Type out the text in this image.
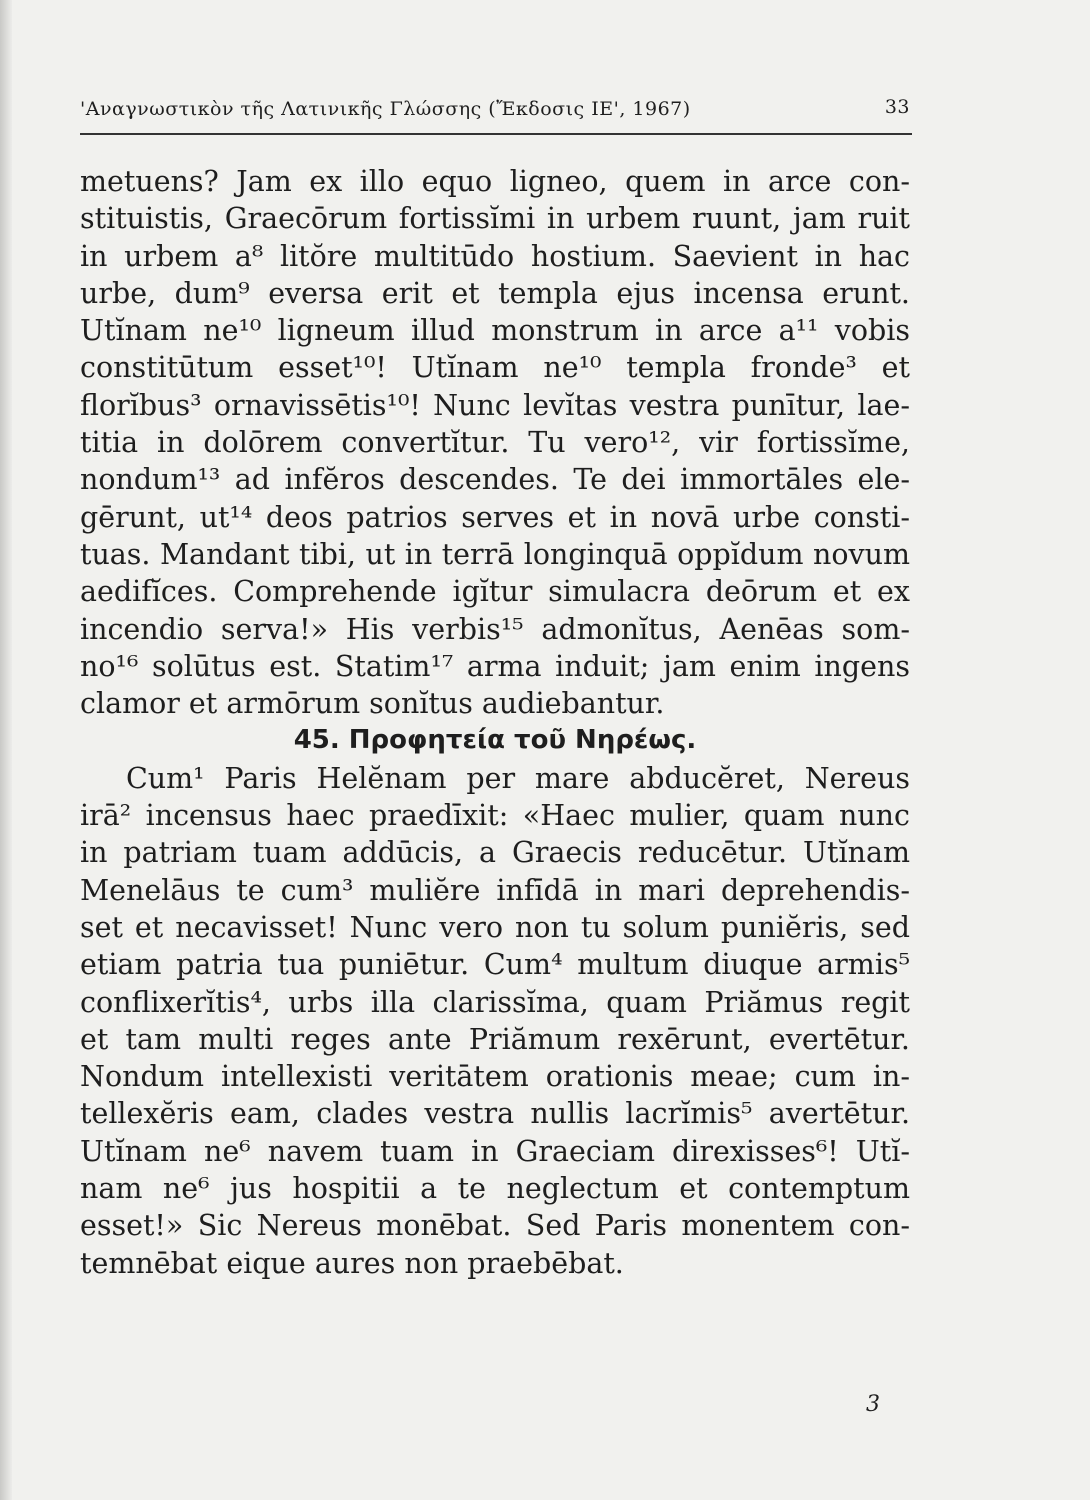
'Αναγνωστικὸν τῆς Λατινικῆς Γλώσσης (Ἔκδοσις ΙΕ', 1967)	33
metuens? Jam ex illo equo ligneo, quem in arce con-
stituistis, Graecōrum fortissĭmi in urbem ruunt, jam ruit
in urbem a⁸ litŏre multitūdo hostium. Saevient in hac
urbe, dum⁹ eversa erit et templa ejus incensa erunt.
Utĭnam ne¹⁰ ligneum illud monstrum in arce a¹¹ vobis
constitūtum esset¹⁰! Utĭnam ne¹⁰ templa fronde³ et
florĭbus³ ornavissētis¹⁰! Nunc levĭtas vestra punītur, lae-
titia in dolōrem convertĭtur. Tu vero¹², vir fortissĭme,
nondum¹³ ad infĕros descendes. Te dei immortāles ele-
gērunt, ut¹⁴ deos patrios serves et in novā urbe consti-
tuas. Mandant tibi, ut in terrā longinquā oppĭdum novum
aedifĭces. Comprehende igĭtur simulacra deōrum et ex
incendio serva!» His verbis¹⁵ admonĭtus, Aenēas som-
no¹⁶ solūtus est. Statim¹⁷ arma induit; jam enim ingens
clamor et armōrum sonĭtus audiebantur.
45. Προφητεία τοῦ Νηρέως.
Cum¹ Paris Helĕnam per mare abducĕret, Nereus
irā² incensus haec praedīxit: «Haec mulier, quam nunc
in patriam tuam addūcis, a Graecis reducētur. Utĭnam
Menelāus te cum³ muliĕre infīdā in mari deprehendis-
set et necavisset! Nunc vero non tu solum puniĕris, sed
etiam patria tua puniētur. Cum⁴ multum diuque armis⁵
conflixerĭtis⁴, urbs illa clarissĭma, quam Priămus regit
et tam multi reges ante Priămum rexērunt, evertētur.
Nondum intellexisti veritātem orationis meae; cum in-
tellexĕris eam, clades vestra nullis lacrĭmis⁵ avertētur.
Utĭnam ne⁶ navem tuam in Graeciam direxisses⁶! Utĭ-
nam ne⁶ jus hospitii a te neglectum et contemptum
esset!» Sic Nereus monēbat. Sed Paris monentem con-
temnēbat eique aures non praebēbat.
3
